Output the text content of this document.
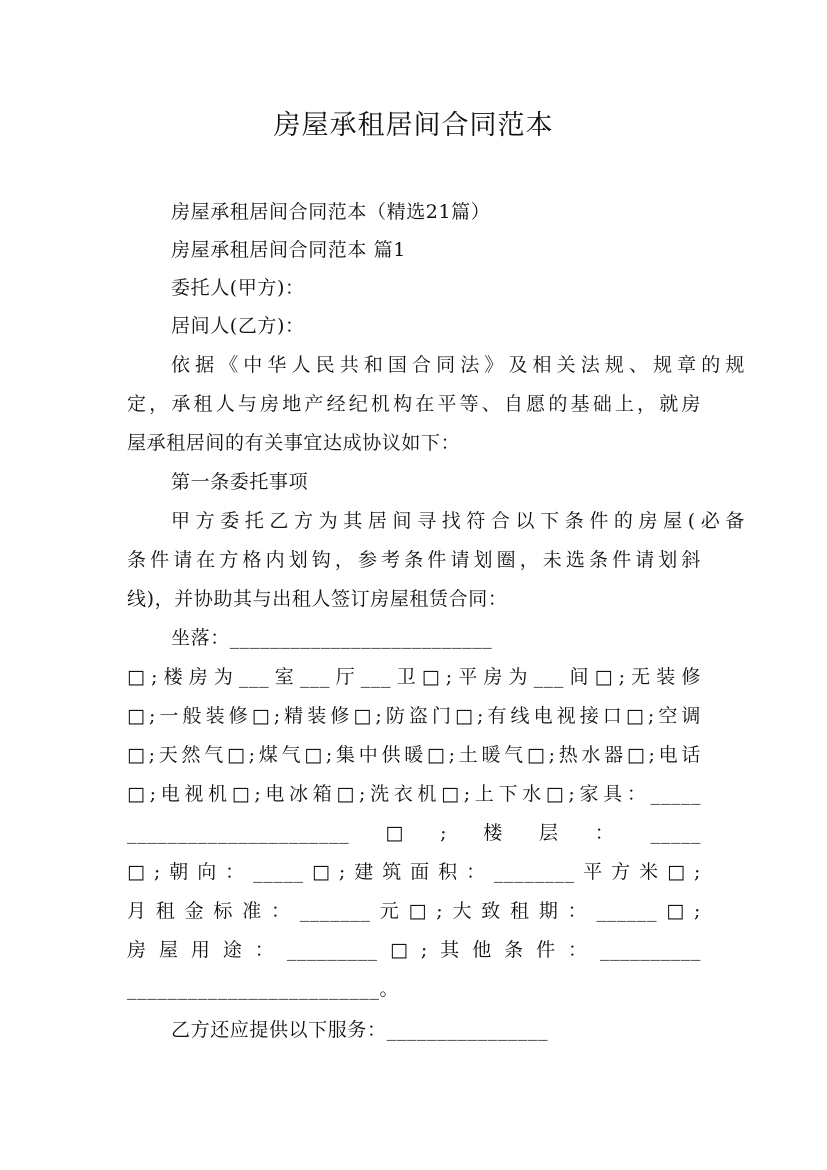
房屋承租居间合同范本
房屋承租居间合同范本（精选21篇）
房屋承租居间合同范本 篇1
委托人(甲方)：
居间人(乙方)：
依据《中华人民共和国合同法》及相关法规、规章的规
定，承租人与房地产经纪机构在平等、自愿的基础上，就房
屋承租居间的有关事宜达成协议如下：
第一条委托事项
甲方委托乙方为其居间寻找符合以下条件的房屋(必备
条件请在方格内划钩，参考条件请划圈，未选条件请划斜
线)，并协助其与出租人签订房屋租赁合同：
坐落：__________________________
□;楼房为___室___厅___卫□;平房为___间□;无装修
□;一般装修□;精装修□;防盗门□;有线电视接口□;空调
□;天然气□;煤气□;集中供暖□;土暖气□;热水器□;电话
□;电视机□;电冰箱□;洗衣机□;上下水□;家具：_____
______________________□;楼层：_____
□;朝向：_____□;建筑面积：________平方米□;
月租金标准：_______元□;大致租期：______□;
房屋用途：_________□;其他条件：__________
_________________________。
乙方还应提供以下服务：________________
